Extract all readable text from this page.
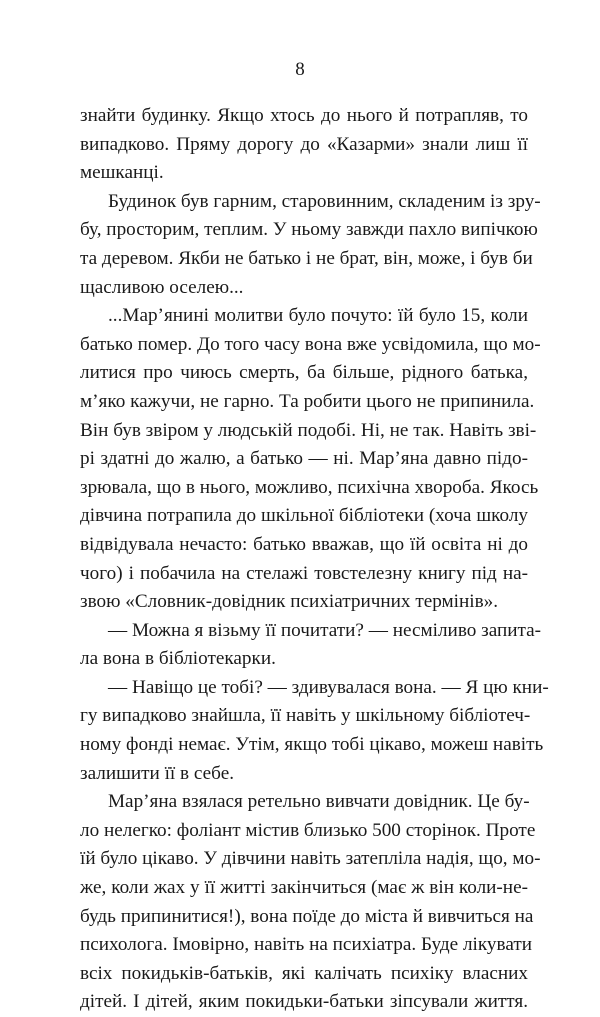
8
знайти будинку. Якщо хтось до нього й потрапляв, то
випадково. Пряму дорогу до «Казарми» знали лиш її
мешканці.
Будинок був гарним, старовинним, складеним із зру-
бу, просторим, теплим. У ньому завжди пахло випічкою
та деревом. Якби не батько і не брат, він, може, і був би
щасливою оселею...
...Мар’янині молитви було почуто: їй було 15, коли
батько помер. До того часу вона вже усвідомила, що мо-
литися про чиюсь смерть, ба більше, рідного батька,
м’яко кажучи, не гарно. Та робити цього не припинила.
Він був звіром у людській подобі. Ні, не так. Навіть звi-
рі здатні до жалю, а батько — ні. Мар’яна давно підо-
зрювала, що в нього, можливо, психічна хвороба. Якось
дівчина потрапила до шкільної бібліотеки (хоча школу
відвідувала нечасто: батько вважав, що їй освіта ні до
чого) і побачила на стелажі товстелезну книгу під на-
звою «Словник-довідник психіатричних термінів».
— Можна я візьму її почитати? — несміливо запита-
ла вона в бібліотекарки.
— Навіщо це тобі? — здивувалася вона. — Я цю кни-
гу випадково знайшла, її навіть у шкільному бібліотеч-
ному фонді немає. Утім, якщо тобі цікаво, можеш навіть
залишити її в себе.
Мар’яна взялася ретельно вивчати довідник. Це бу-
ло нелегко: фоліант містив близько 500 сторінок. Проте
їй було цікаво. У дівчини навіть затеплiла надія, що, мо-
же, коли жах у її житті закінчиться (має ж він коли-не-
будь припинитися!), вона поїде до міста й вивчиться на
психолога. Імовірно, навіть на психіатра. Буде лікувати
всіх покидьків-батьків, які калічать психіку власних
дітей. І дітей, яким покидьки-батьки зіпсували життя.
